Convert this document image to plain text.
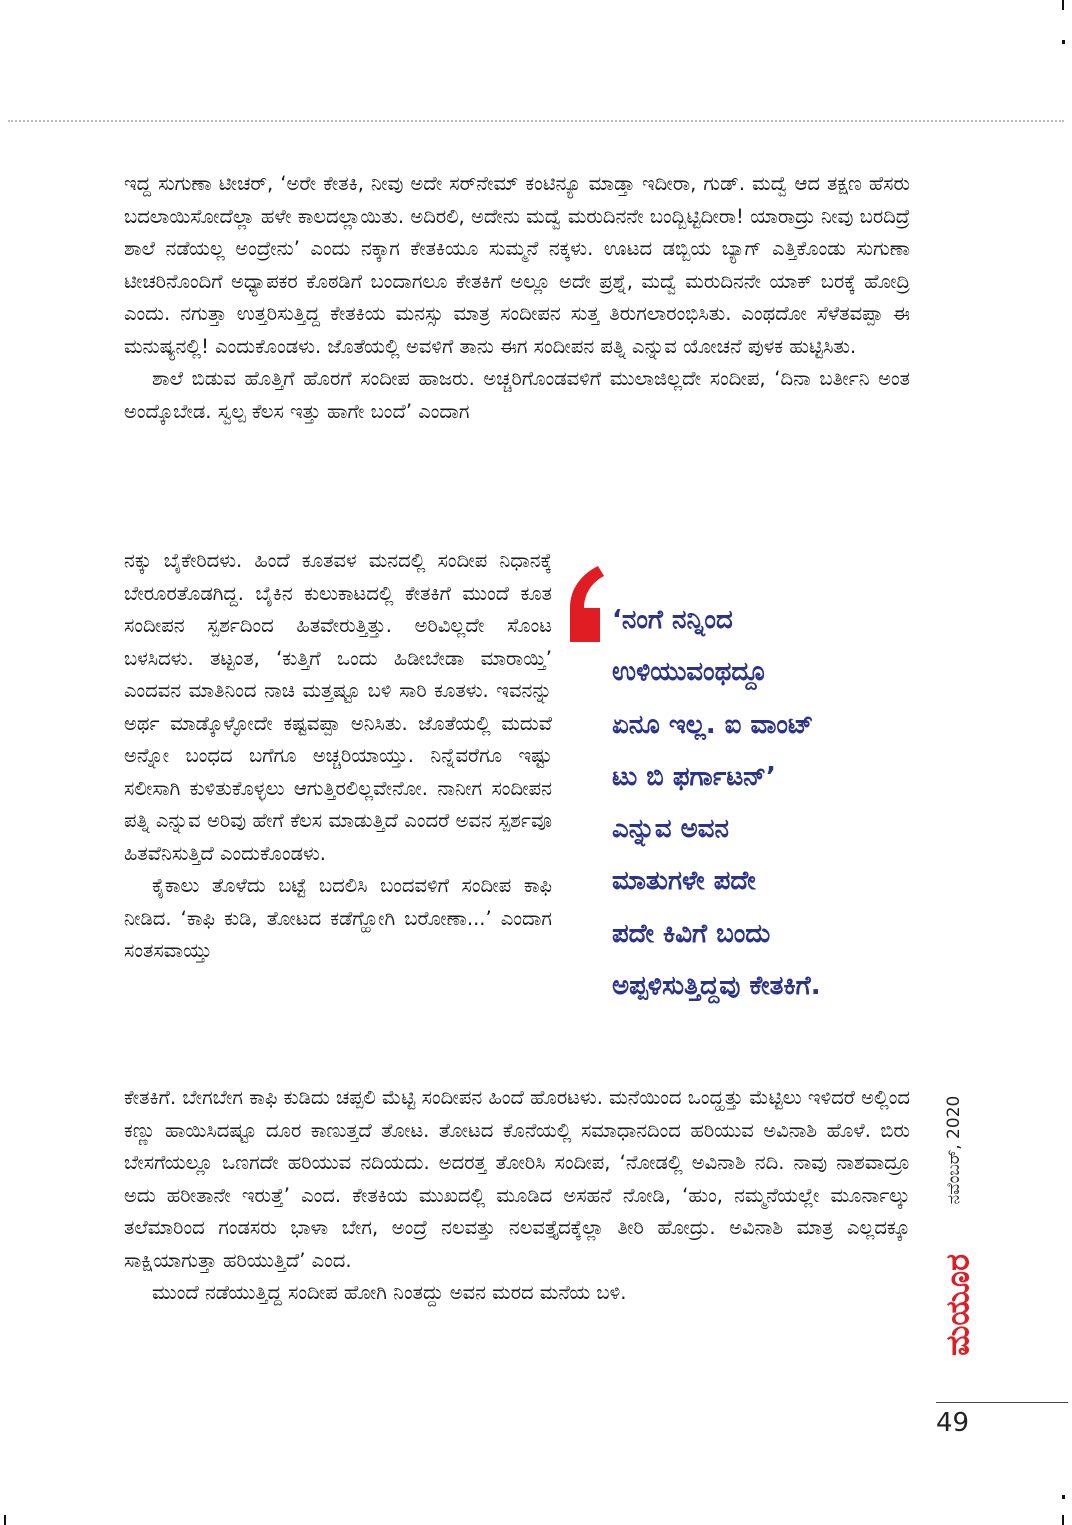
ಇದ್ದ ಸುಗುಣಾ ಟೀಚರ್, ‘ಅರೇ ಕೇತಕಿ, ನೀವು ಅದೇ ಸರ್‌ನೇಮ್ ಕಂಟಿನ್ಯೂ ಮಾಡ್ತಾ ಇದೀರಾ, ಗುಡ್. ಮದ್ವೆ ಆದ ತಕ್ಷಣ ಹೆಸರು ಬದಲಾಯಿಸೋದೆಲ್ಲಾ ಹಳೇ ಕಾಲದಲ್ಲಾಯಿತು. ಅದಿರಲಿ, ಅದೇನು ಮದ್ವೆ ಮರುದಿನನೇ ಬಂದ್ಬಿಟ್ಟಿದೀರಾ! ಯಾರಾದ್ರು ನೀವು ಬರದಿದ್ರೆ ಶಾಲೆ ನಡೆಯಲ್ಲ ಅಂದ್ರೇನು’ ಎಂದು ನಕ್ಕಾಗ ಕೇತಕಿಯೂ ಸುಮ್ಮನೆ ನಕ್ಕಳು. ಊಟದ ಡಬ್ಬಿಯ ಬ್ಯಾಗ್ ಎತ್ತಿಕೊಂಡು ಸುಗುಣಾ ಟೀಚರಿನೊಂದಿಗೆ ಅಧ್ಯಾಪಕರ ಕೊಠಡಿಗೆ ಬಂದಾಗಲೂ ಕೇತಕಿಗೆ ಅಲ್ಲೂ ಅದೇ ಪ್ರಶ್ನೆ, ಮದ್ವೆ ಮರುದಿನನೇ ಯಾಕ್ ಬರಕ್ಕೆ ಹೋದ್ರಿ ಎಂದು. ನಗುತ್ತಾ ಉತ್ತರಿಸುತ್ತಿದ್ದ ಕೇತಕಿಯ ಮನಸ್ಸು ಮಾತ್ರ ಸಂದೀಪನ ಸುತ್ತ ತಿರುಗಲಾರಂಭಿಸಿತು. ಎಂಥದೋ ಸೆಳೆತವಪ್ಪಾ ಈ ಮನುಷ್ಯನಲ್ಲಿ! ಎಂದುಕೊಂಡಳು. ಜೊತೆಯಲ್ಲಿ ಅವಳಿಗೆ ತಾನು ಈಗ ಸಂದೀಪನ ಪತ್ನಿ ಎನ್ನುವ ಯೋಚನೆ ಪುಳಕ ಹುಟ್ಟಿಸಿತು.

ಶಾಲೆ ಬಿಡುವ ಹೊತ್ತಿಗೆ ಹೊರಗೆ ಸಂದೀಪ ಹಾಜರು. ಅಚ್ಚರಿಗೊಂಡವಳಿಗೆ ಮುಲಾಜಿಲ್ಲದೇ ಸಂದೀಪ, ‘ದಿನಾ ಬರ್ತೀನಿ ಅಂತ ಅಂದ್ಕೊಬೇಡ. ಸ್ವಲ್ಪ ಕೆಲಸ ಇತ್ತು ಹಾಗೇ ಬಂದೆ’ ಎಂದಾಗ

ನಕ್ಕು ಬೈಕೇರಿದಳು. ಹಿಂದೆ ಕೂತವಳ ಮನದಲ್ಲಿ ಸಂದೀಪ ನಿಧಾನಕ್ಕೆ ಬೇರೂರತೊಡಗಿದ್ದ. ಬೈಕಿನ ಕುಲುಕಾಟದಲ್ಲಿ ಕೇತಕಿಗೆ ಮುಂದೆ ಕೂತ ಸಂದೀಪನ ಸ್ಪರ್ಶದಿಂದ ಹಿತವೇರುತ್ತಿತ್ತು. ಅರಿವಿಲ್ಲದೇ ಸೊಂಟ ಬಳಸಿದಳು. ತಟ್ಟಂತ, ‘ಕುತ್ತಿಗೆ ಒಂದು ಹಿಡೀಬೇಡಾ ಮಾರಾಯ್ತಿ’ ಎಂದವನ ಮಾತಿನಿಂದ ನಾಚಿ ಮತ್ತಷ್ಟೂ ಬಳಿ ಸಾರಿ ಕೂತಳು. ಇವನನ್ನು ಅರ್ಥ ಮಾಡ್ಕೊಳ್ಳೋದೇ ಕಷ್ಟವಪ್ಪಾ ಅನಿಸಿತು. ಜೊತೆಯಲ್ಲಿ ಮದುವೆ ಅನ್ನೋ ಬಂಧದ ಬಗೆಗೂ ಅಚ್ಚರಿಯಾಯ್ತು. ನಿನ್ನೆವರೆಗೂ ಇಷ್ಟು ಸಲೀಸಾಗಿ ಕುಳಿತುಕೊಳ್ಳಲು ಆಗುತ್ತಿರಲಿಲ್ಲವೇನೋ. ನಾನೀಗ ಸಂದೀಪನ ಪತ್ನಿ ಎನ್ನುವ ಅರಿವು ಹೇಗೆ ಕೆಲಸ ಮಾಡುತ್ತಿದೆ ಎಂದರೆ ಅವನ ಸ್ಪರ್ಶವೂ ಹಿತವೆನಿಸುತ್ತಿದೆ ಎಂದುಕೊಂಡಳು.

ಕೈಕಾಲು ತೊಳೆದು ಬಟ್ಟೆ ಬದಲಿಸಿ ಬಂದವಳಿಗೆ ಸಂದೀಪ ಕಾಫಿ ನೀಡಿದ. ‘ಕಾಫಿ ಕುಡಿ, ತೋಟದ ಕಡೆಗ್ಹೋಗಿ ಬರೋಣಾ...’ ಎಂದಾಗ ಸಂತಸವಾಯ್ತು

‘ನಂಗೆ ನನ್ನಿಂದ
ಉಳಿಯುವಂಥದ್ದೂ
ಏನೂ ಇಲ್ಲ. ಐ ವಾಂಟ್
ಟು ಬಿ ಫರ್ಗಾಟನ್’
ಎನ್ನುವ ಅವನ
ಮಾತುಗಳೇ ಪದೇ
ಪದೇ ಕಿವಿಗೆ ಬಂದು
ಅಪ್ಪಳಿಸುತ್ತಿದ್ದವು ಕೇತಕಿಗೆ.

ಕೇತಕಿಗೆ. ಬೇಗಬೇಗ ಕಾಫಿ ಕುಡಿದು ಚಪ್ಪಲಿ ಮೆಟ್ಟಿ ಸಂದೀಪನ ಹಿಂದೆ ಹೊರಟಳು. ಮನೆಯಿಂದ ಒಂದ್ಹತ್ತು ಮೆಟ್ಟಿಲು ಇಳಿದರೆ ಅಲ್ಲಿಂದ ಕಣ್ಣು ಹಾಯಿಸಿದಷ್ಟೂ ದೂರ ಕಾಣುತ್ತದೆ ತೋಟ. ತೋಟದ ಕೊನೆಯಲ್ಲಿ ಸಮಾಧಾನದಿಂದ ಹರಿಯುವ ಅವಿನಾಶಿ ಹೊಳೆ. ಬಿರು ಬೇಸಗೆಯಲ್ಲೂ ಒಣಗದೇ ಹರಿಯುವ ನದಿಯದು. ಅದರತ್ತ ತೋರಿಸಿ ಸಂದೀಪ, ‘ನೋಡಲ್ಲಿ ಅವಿನಾಶಿ ನದಿ. ನಾವು ನಾಶವಾದ್ರೂ ಅದು ಹರೀತಾನೇ ಇರುತ್ತೆ’ ಎಂದ. ಕೇತಕಿಯ ಮುಖದಲ್ಲಿ ಮೂಡಿದ ಅಸಹನೆ ನೋಡಿ, ‘ಹುಂ, ನಮ್ಮನೆಯಲ್ಲೇ ಮೂರ್ನಾಲ್ಕು ತಲೆಮಾರಿಂದ ಗಂಡಸರು ಭಾಳಾ ಬೇಗ, ಅಂದ್ರೆ ನಲವತ್ತು ನಲವತ್ತೈದಕ್ಕೆಲ್ಲಾ ತೀರಿ ಹೋದ್ರು. ಅವಿನಾಶಿ ಮಾತ್ರ ಎಲ್ಲದಕ್ಕೂ ಸಾಕ್ಷಿಯಾಗುತ್ತಾ ಹರಿಯುತ್ತಿದೆ’ ಎಂದ.

ಮುಂದೆ ನಡೆಯುತ್ತಿದ್ದ ಸಂದೀಪ ಹೋಗಿ ನಿಂತದ್ದು ಅವನ ಮರದ ಮನೆಯ ಬಳಿ.

ನವೆಂಬರ್, 2020
ಮಯೂರ
49
